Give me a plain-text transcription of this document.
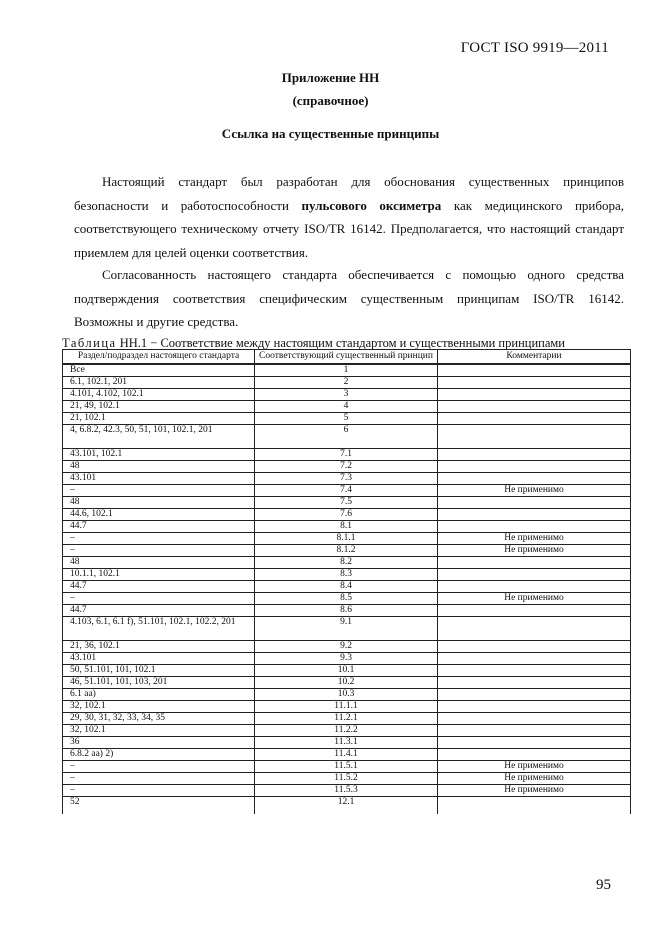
ГОСТ ISO 9919—2011
Приложение НН
(справочное)
Ссылка на существенные принципы
Настоящий стандарт был разработан для обоснования существенных принципов
безопасности и работоспособности пульсового оксиметра как медицинского прибора,
соответствующего техническому отчету ISO/TR 16142. Предполагается, что настоящий стандарт
приемлем для целей оценки соответствия.
Согласованность настоящего стандарта обеспечивается с помощью одного средства
подтверждения соответствия специфическим существенным принципам ISO/TR 16142.
Возможны и другие средства.
Таблица НН.1 − Соответствие между настоящим стандартом и существенными принципами
Раздел/подраздел настоящего стандарта	Соответствующий существенный принцип	Комментарии
Все	1	
6.1, 102.1, 201	2	
4.101, 4.102, 102.1	3	
21, 49, 102.1	4	
21, 102.1	5	
4, 6.8.2, 42.3, 50, 51, 101, 102.1, 201	6	
43.101, 102.1	7.1	
48	7.2	
43.101	7.3	
–	7.4	Не применимо
48	7.5	
44.6, 102.1	7.6	
44.7	8.1	
–	8.1.1	Не применимо
–	8.1.2	Не применимо
48	8.2	
10.1.1, 102.1	8.3	
44.7	8.4	
–	8.5	Не применимо
44.7	8.6	
4.103, 6.1, 6.1 f), 51.101, 102.1, 102.2, 201	9.1	
21, 36, 102.1	9.2	
43.101	9.3	
50, 51.101, 101, 102.1	10.1	
46, 51.101, 101, 103, 201	10.2	
6.1 aa)	10.3	
32, 102.1	11.1.1	
29, 30, 31, 32, 33, 34, 35	11.2.1	
32, 102.1	11.2.2	
36	11.3.1	
6.8.2 aa) 2)	11.4.1	
–	11.5.1	Не применимо
–	11.5.2	Не применимо
–	11.5.3	Не применимо
52	12.1	
95
